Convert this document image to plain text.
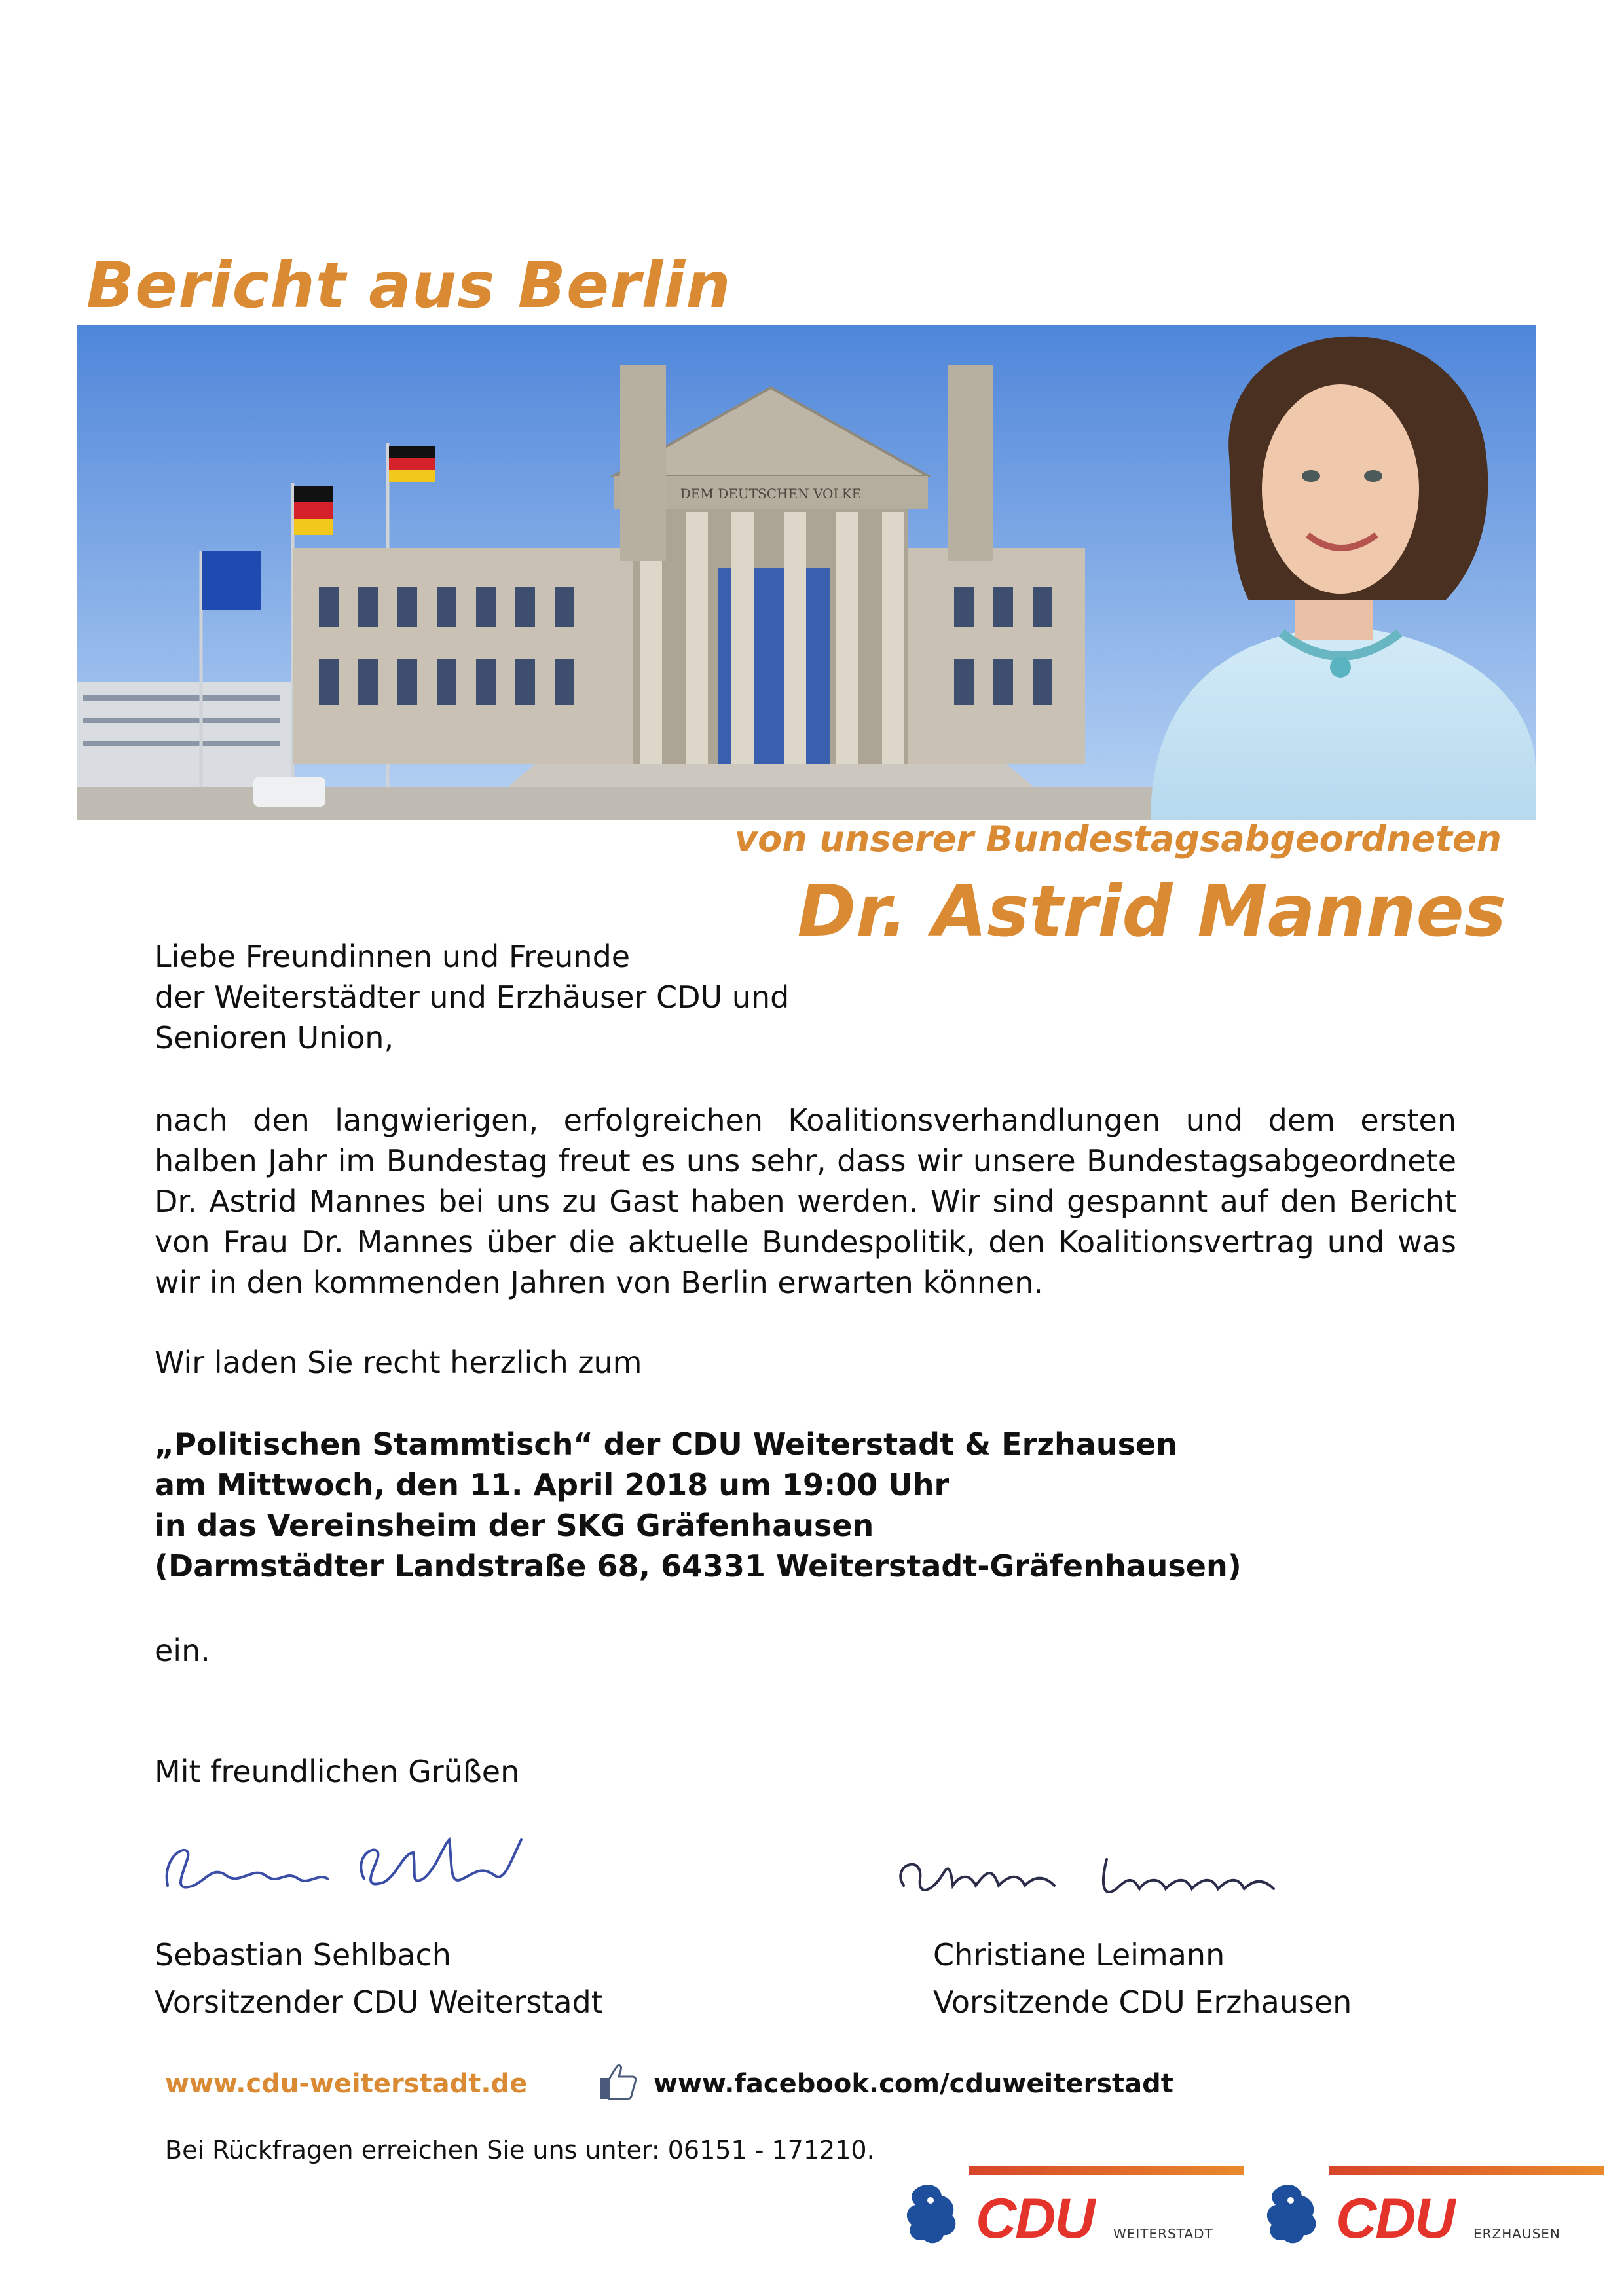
Bericht aus Berlin
DEM DEUTSCHEN VOLKE
von unserer Bundestagsabgeordneten
Dr. Astrid Mannes
Liebe Freundinnen und Freunde
der Weiterstädter und Erzhäuser CDU und
Senioren Union,
nach den langwierigen, erfolgreichen Koalitionsverhandlungen und dem ersten halben Jahr im Bundestag freut es uns sehr, dass wir unsere Bundestagsabgeordnete Dr. Astrid Mannes bei uns zu Gast haben werden. Wir sind gespannt auf den Bericht von Frau Dr. Mannes über die aktuelle Bundespolitik, den Koalitionsvertrag und was wir in den kommenden Jahren von Berlin erwarten können.
Wir laden Sie recht herzlich zum
„Politischen Stammtisch“ der CDU Weiterstadt & Erzhausen
am Mittwoch, den 11. April 2018 um 19:00 Uhr
in das Vereinsheim der SKG Gräfenhausen
(Darmstädter Landstraße 68, 64331 Weiterstadt-Gräfenhausen)
ein.
Mit freundlichen Grüßen
Sebastian Sehlbach
Vorsitzender CDU Weiterstadt
Christiane Leimann
Vorsitzende CDU Erzhausen
www.cdu-weiterstadt.de	www.facebook.com/cduweiterstadt
Bei Rückfragen erreichen Sie uns unter: 06151 - 171210.
CDU WEITERSTADT CDU ERZHAUSEN
